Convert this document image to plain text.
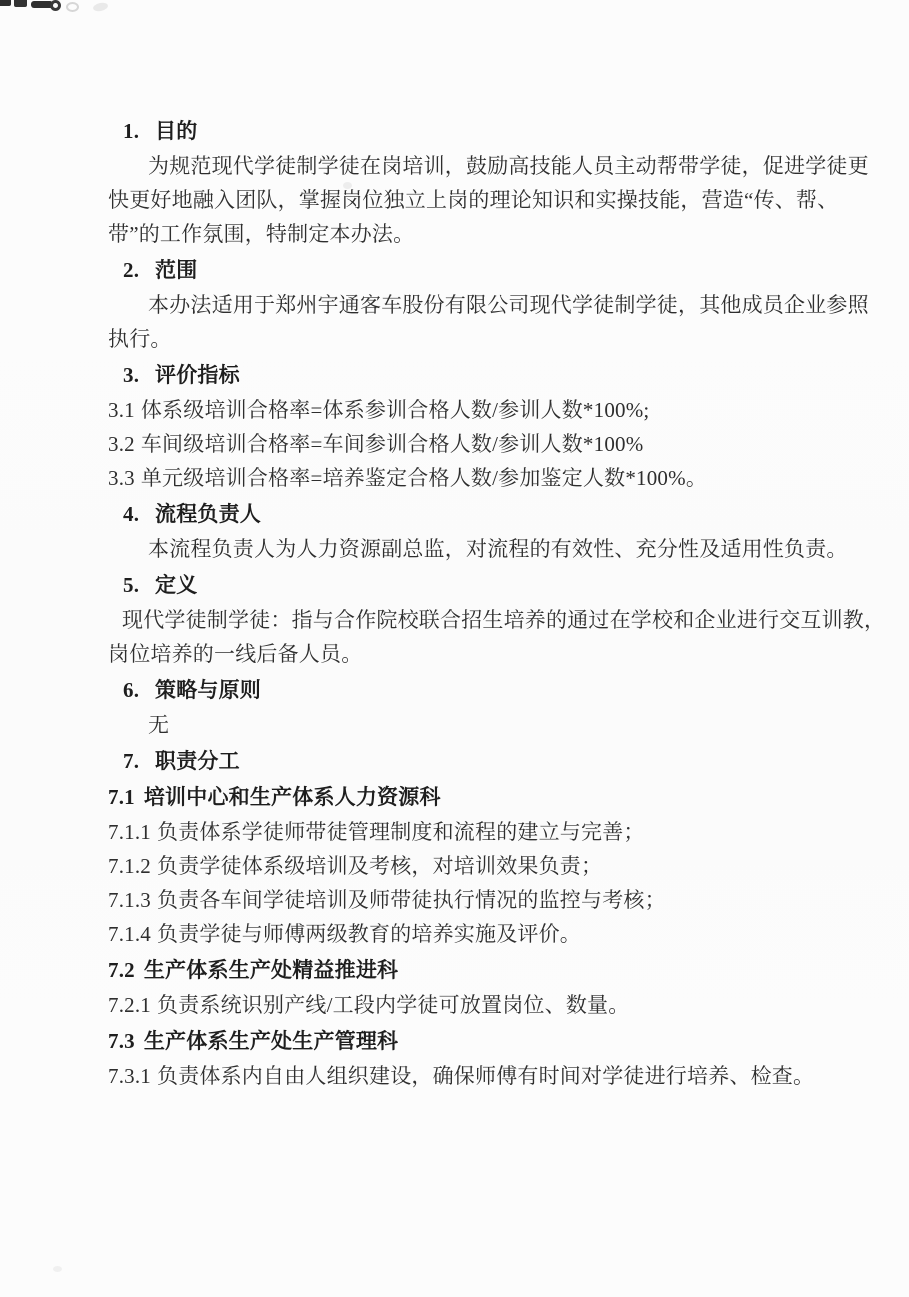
1. 目的
为规范现代学徒制学徒在岗培训，鼓励高技能人员主动帮带学徒，促进学徒更快更好地融入团队，掌握岗位独立上岗的理论知识和实操技能，营造“传、帮、带”的工作氛围，特制定本办法。
2. 范围
本办法适用于郑州宇通客车股份有限公司现代学徒制学徒，其他成员企业参照执行。
3. 评价指标
3.1 体系级培训合格率=体系参训合格人数/参训人数*100%;
3.2 车间级培训合格率=车间参训合格人数/参训人数*100%
3.3 单元级培训合格率=培养鉴定合格人数/参加鉴定人数*100%。
4. 流程负责人
本流程负责人为人力资源副总监，对流程的有效性、充分性及适用性负责。
5. 定义
现代学徒制学徒：指与合作院校联合招生培养的通过在学校和企业进行交互训教，岗位培养的一线后备人员。
6. 策略与原则
无
7. 职责分工
7.1 培训中心和生产体系人力资源科
7.1.1 负责体系学徒师带徒管理制度和流程的建立与完善；
7.1.2 负责学徒体系级培训及考核，对培训效果负责；
7.1.3 负责各车间学徒培训及师带徒执行情况的监控与考核；
7.1.4 负责学徒与师傅两级教育的培养实施及评价。
7.2 生产体系生产处精益推进科
7.2.1 负责系统识别产线/工段内学徒可放置岗位、数量。
7.3 生产体系生产处生产管理科
7.3.1 负责体系内自由人组织建设，确保师傅有时间对学徒进行培养、检查。
